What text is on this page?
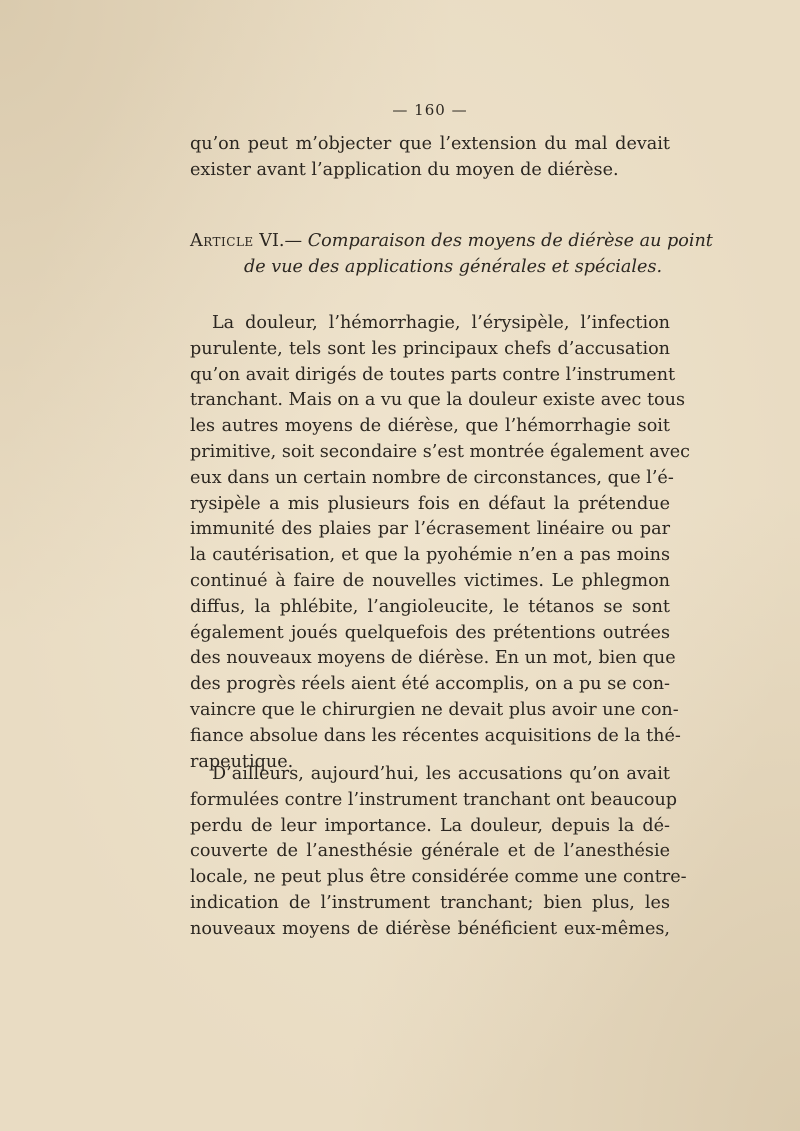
— 160 —
qu’on peut m’objecter que l’extension du mal devait
exister avant l’application du moyen de diérèse.
Article VI.— Comparaison des moyens de diérèse au point
de vue des applications générales et spéciales.
La douleur, l’hémorrhagie, l’érysipèle, l’infection
purulente, tels sont les principaux chefs d’accusation
qu’on avait dirigés de toutes parts contre l’instrument
tranchant. Mais on a vu que la douleur existe avec tous
les autres moyens de diérèse, que l’hémorrhagie soit
primitive, soit secondaire s’est montrée également avec
eux dans un certain nombre de circonstances, que l’é-
rysipèle a mis plusieurs fois en défaut la prétendue
immunité des plaies par l’écrasement linéaire ou par
la cautérisation, et que la pyohémie n’en a pas moins
continué à faire de nouvelles victimes. Le phlegmon
diffus, la phlébite, l’angioleucite, le tétanos se sont
également joués quelquefois des prétentions outrées
des nouveaux moyens de diérèse. En un mot, bien que
des progrès réels aient été accomplis, on a pu se con-
vaincre que le chirurgien ne devait plus avoir une con-
fiance absolue dans les récentes acquisitions de la thé-
rapeutique.
D’ailleurs, aujourd’hui, les accusations qu’on avait
formulées contre l’instrument tranchant ont beaucoup
perdu de leur importance. La douleur, depuis la dé-
couverte de l’anesthésie générale et de l’anesthésie
locale, ne peut plus être considérée comme une contre-
indication de l’instrument tranchant; bien plus, les
nouveaux moyens de diérèse bénéficient eux-mêmes,
